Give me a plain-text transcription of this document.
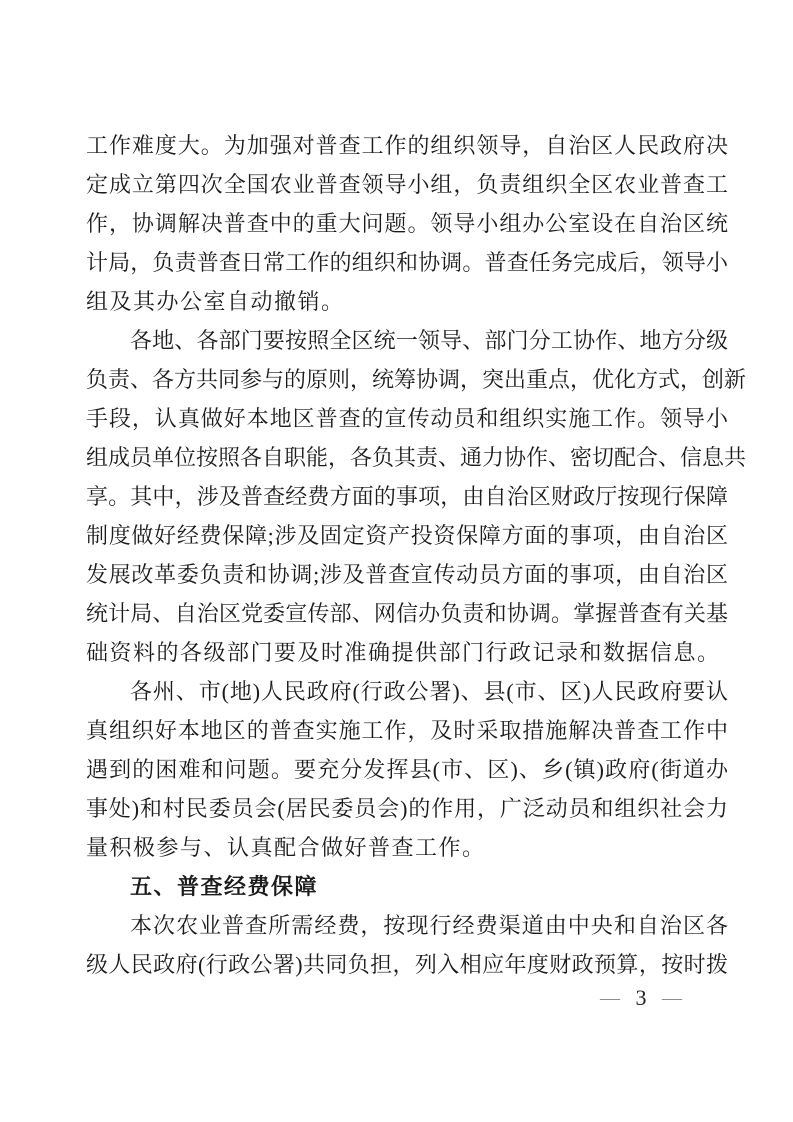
工作难度大。为加强对普查工作的组织领导，自治区人民政府决
定成立第四次全国农业普查领导小组，负责组织全区农业普查工
作，协调解决普查中的重大问题。领导小组办公室设在自治区统
计局，负责普查日常工作的组织和协调。普查任务完成后，领导小
组及其办公室自动撤销。
各地、各部门要按照全区统一领导、部门分工协作、地方分级
负责、各方共同参与的原则，统筹协调，突出重点，优化方式，创新
手段，认真做好本地区普查的宣传动员和组织实施工作。领导小
组成员单位按照各自职能，各负其责、通力协作、密切配合、信息共
享。其中，涉及普查经费方面的事项，由自治区财政厅按现行保障
制度做好经费保障;涉及固定资产投资保障方面的事项，由自治区
发展改革委负责和协调;涉及普查宣传动员方面的事项，由自治区
统计局、自治区党委宣传部、网信办负责和协调。掌握普查有关基
础资料的各级部门要及时准确提供部门行政记录和数据信息。
各州、市(地)人民政府(行政公署)、县(市、区)人民政府要认
真组织好本地区的普查实施工作，及时采取措施解决普查工作中
遇到的困难和问题。要充分发挥县(市、区)、乡(镇)政府(街道办
事处)和村民委员会(居民委员会)的作用，广泛动员和组织社会力
量积极参与、认真配合做好普查工作。
五、普查经费保障
本次农业普查所需经费，按现行经费渠道由中央和自治区各
级人民政府(行政公署)共同负担，列入相应年度财政预算，按时拨
— 3 —
